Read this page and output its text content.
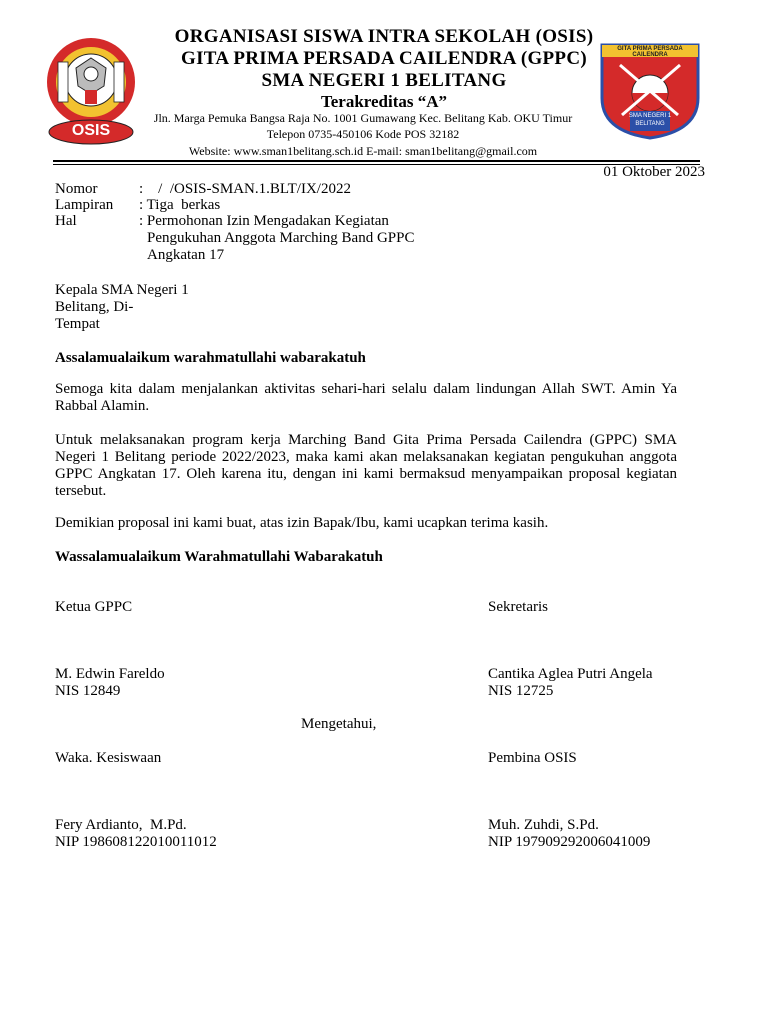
OSIS
GITA PRIMA PERSADA CAILENDRA
SMA NEGERI 1
BELITANG
ORGANISASI SISWA INTRA SEKOLAH (OSIS)
GITA PRIMA PERSADA CAILENDRA (GPPC)
SMA NEGERI 1 BELITANG
Terakreditas “A”
Jln. Marga Pemuka Bangsa Raja No. 1001 Gumawang Kec. Belitang Kab. OKU Timur
Telepon 0735-450106 Kode POS 32182
Website: www.sman1belitang.sch.id E-mail: sman1belitang@gmail.com
01 Oktober 2023
Nomor	:    /  /OSIS-SMAN.1.BLT/IX/2022
Lampiran : Tiga  berkas
Hal	: Permohonan Izin Mengadakan Kegiatan
Pengukuhan Anggota Marching Band GPPC
Angkatan 17
Kepala SMA Negeri 1
Belitang, Di-
Tempat
Assalamualaikum warahmatullahi wabarakatuh
Semoga kita dalam menjalankan aktivitas sehari-hari selalu dalam lindungan Allah SWT. Amin Ya Rabbal Alamin.
Untuk melaksanakan program kerja Marching Band Gita Prima Persada Cailendra (GPPC) SMA Negeri 1 Belitang periode 2022/2023, maka kami akan melaksanakan kegiatan pengukuhan anggota GPPC Angkatan 17. Oleh karena itu, dengan ini kami bermaksud menyampaikan proposal kegiatan tersebut.
Demikian proposal ini kami buat, atas izin Bapak/Ibu, kami ucapkan terima kasih.
Wassalamualaikum Warahmatullahi Wabarakatuh
Ketua GPPC	Sekretaris
M. Edwin Fareldo	Cantika Aglea Putri Angela
NIS 12849	NIS 12725
Mengetahui,
Waka. Kesiswaan	Pembina OSIS
Fery Ardianto,  M.Pd.	Muh. Zuhdi, S.Pd.
NIP 198608122010011012	NIP 197909292006041009
